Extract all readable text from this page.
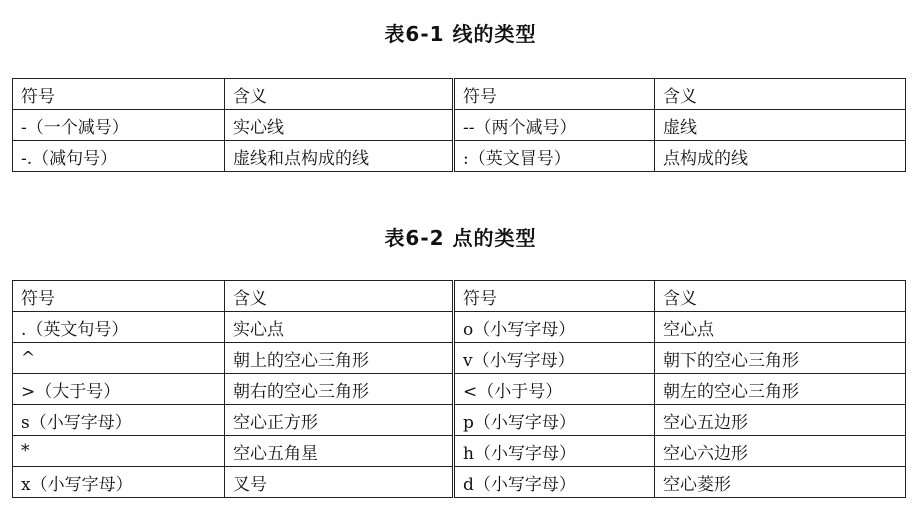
表6-1 线的类型
符号	含义	符号	含义
-（一个减号）	实心线	--（两个减号）	虚线
-.（减句号）	虚线和点构成的线	:（英文冒号）	点构成的线
表6-2 点的类型
符号	含义	符号	含义
.（英文句号）	实心点	o（小写字母）	空心点
^	朝上的空心三角形	v（小写字母）	朝下的空心三角形
>（大于号）	朝右的空心三角形	<（小于号）	朝左的空心三角形
s（小写字母）	空心正方形	p（小写字母）	空心五边形
*	空心五角星	h（小写字母）	空心六边形
x（小写字母）	叉号	d（小写字母）	空心菱形
